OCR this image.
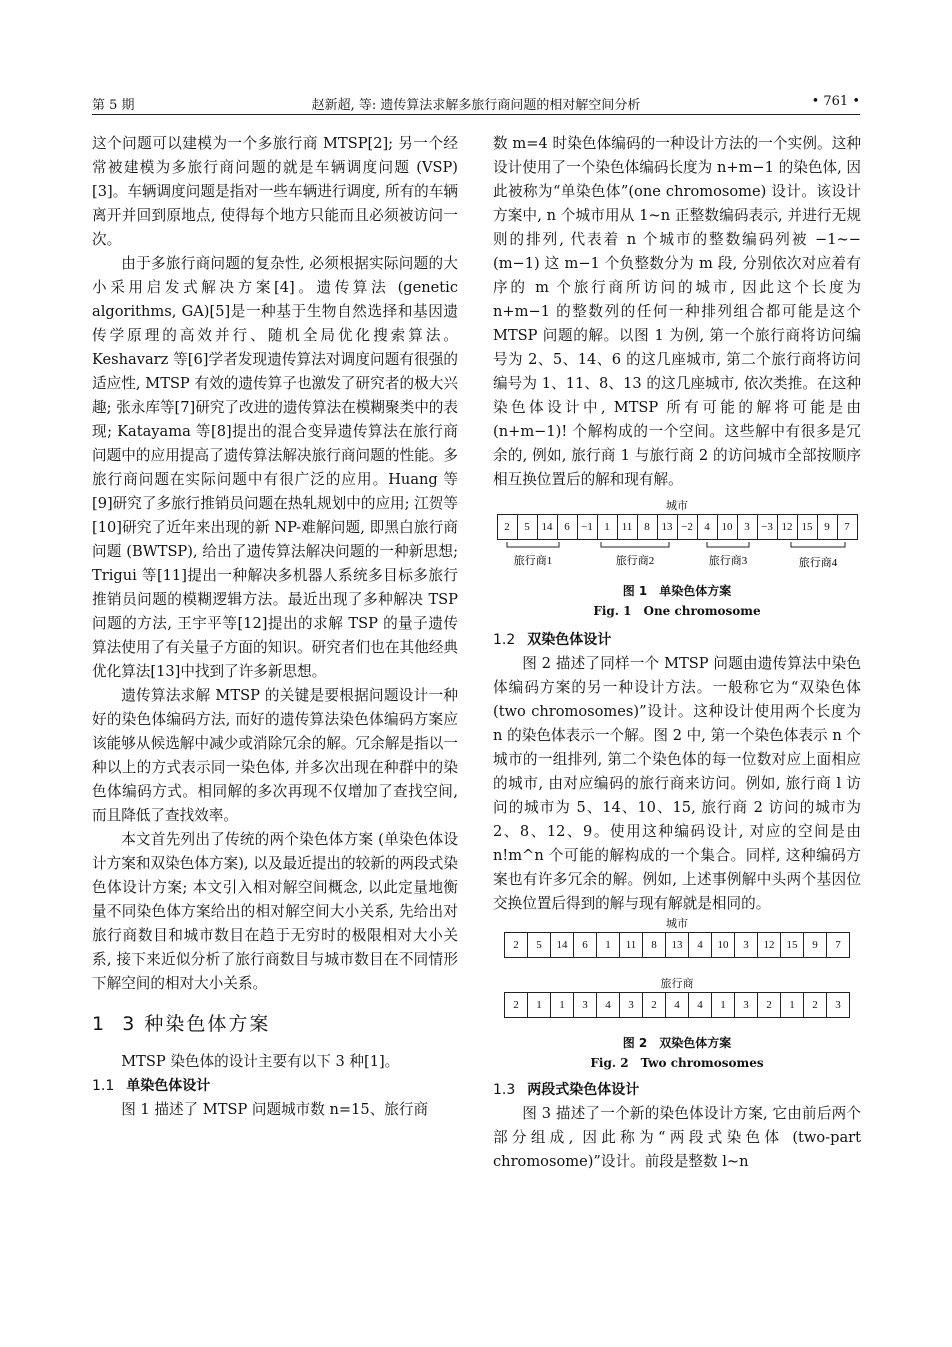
第 5 期	赵新超, 等: 遗传算法求解多旅行商问题的相对解空间分析	• 761 •

这个问题可以建模为一个多旅行商 MTSP[2]; 另一个经常被建模为多旅行商问题的就是车辆调度问题 (VSP)[3]。车辆调度问题是指对一些车辆进行调度, 所有的车辆离开并回到原地点, 使得每个地方只能而且必须被访问一次。

由于多旅行商问题的复杂性, 必须根据实际问题的大小采用启发式解决方案[4]。遗传算法 (genetic algorithms, GA)[5]是一种基于生物自然选择和基因遗传学原理的高效并行、随机全局优化搜索算法。Keshavarz 等[6]学者发现遗传算法对调度问题有很强的适应性, MTSP 有效的遗传算子也激发了研究者的极大兴趣; 张永库等[7]研究了改进的遗传算法在模糊聚类中的表现; Katayama 等[8]提出的混合变异遗传算法在旅行商问题中的应用提高了遗传算法解决旅行商问题的性能。多旅行商问题在实际问题中有很广泛的应用。Huang 等[9]研究了多旅行推销员问题在热轧规划中的应用; 江贺等[10]研究了近年来出现的新 NP-难解问题, 即黑白旅行商问题 (BWTSP), 给出了遗传算法解决问题的一种新思想; Trigui 等[11]提出一种解决多机器人系统多目标多旅行推销员问题的模糊逻辑方法。最近出现了多种解决 TSP 问题的方法, 王宇平等[12]提出的求解 TSP 的量子遗传算法使用了有关量子方面的知识。研究者们也在其他经典优化算法[13]中找到了许多新思想。

遗传算法求解 MTSP 的关键是要根据问题设计一种好的染色体编码方法, 而好的遗传算法染色体编码方案应该能够从候选解中减少或消除冗余的解。冗余解是指以一种以上的方式表示同一染色体, 并多次出现在种群中的染色体编码方式。相同解的多次再现不仅增加了查找空间, 而且降低了查找效率。

本文首先列出了传统的两个染色体方案 (单染色体设计方案和双染色体方案), 以及最近提出的较新的两段式染色体设计方案; 本文引入相对解空间概念, 以此定量地衡量不同染色体方案给出的相对解空间大小关系, 先给出对旅行商数目和城市数目在趋于无穷时的极限相对大小关系, 接下来近似分析了旅行商数目与城市数目在不同情形下解空间的相对大小关系。

1 3 种染色体方案

MTSP 染色体的设计主要有以下 3 种[1]。

1.1 单染色体设计

图 1 描述了 MTSP 问题城市数 n=15、旅行商

数 m=4 时染色体编码的一种设计方法的一个实例。这种设计使用了一个染色体编码长度为 n+m−1 的染色体, 因此被称为“单染色体”(one chromosome) 设计。该设计方案中, n 个城市用从 1~n 正整数编码表示, 并进行无规则的排列, 代表着 n 个城市的整数编码列被 −1~−(m−1) 这 m−1 个负整数分为 m 段, 分别依次对应着有序的 m 个旅行商所访问的城市, 因此这个长度为 n+m−1 的整数列的任何一种排列组合都可能是这个 MTSP 问题的解。以图 1 为例, 第一个旅行商将访问编号为 2、5、14、6 的这几座城市, 第二个旅行商将访问编号为 1、11、8、13 的这几座城市, 依次类推。在这种染色体设计中, MTSP 所有可能的解将可能是由 (n+m−1)! 个解构成的一个空间。这些解中有很多是冗余的, 例如, 旅行商 1 与旅行商 2 的访问城市全部按顺序相互换位置后的解和现有解。

城市
2	5	14	6	−1	1	11	8	13	−2	4	10	3	−3	12	15	9	7
旅行商1	旅行商2	旅行商3	旅行商4
图 1　单染色体方案
Fig. 1　One chromosome
1.2 双染色体设计

图 2 描述了同样一个 MTSP 问题由遗传算法中染色体编码方案的另一种设计方法。一般称它为“双染色体 (two chromosomes)”设计。这种设计使用两个长度为 n 的染色体表示一个解。图 2 中, 第一个染色体表示 n 个城市的一组排列, 第二个染色体的每一位数对应上面相应的城市, 由对应编码的旅行商来访问。例如, 旅行商 l 访问的城市为 5、14、10、15, 旅行商 2 访问的城市为 2、8、12、9。使用这种编码设计, 对应的空间是由 n!m^n 个可能的解构成的一个集合。同样, 这种编码方案也有许多冗余的解。例如, 上述事例解中头两个基因位交换位置后得到的解与现有解就是相同的。

城市
2	5	14	6	1	11	8	13	4	10	3	12	15	9	7
旅行商
2	1	1	3	4	3	2	4	4	1	3	2	1	2	3
图 2　双染色体方案
Fig. 2　Two chromosomes
1.3 两段式染色体设计

图 3 描述了一个新的染色体设计方案, 它由前后两个部分组成, 因此称为“两段式染色体 (two-part chromosome)”设计。前段是整数 l~n
